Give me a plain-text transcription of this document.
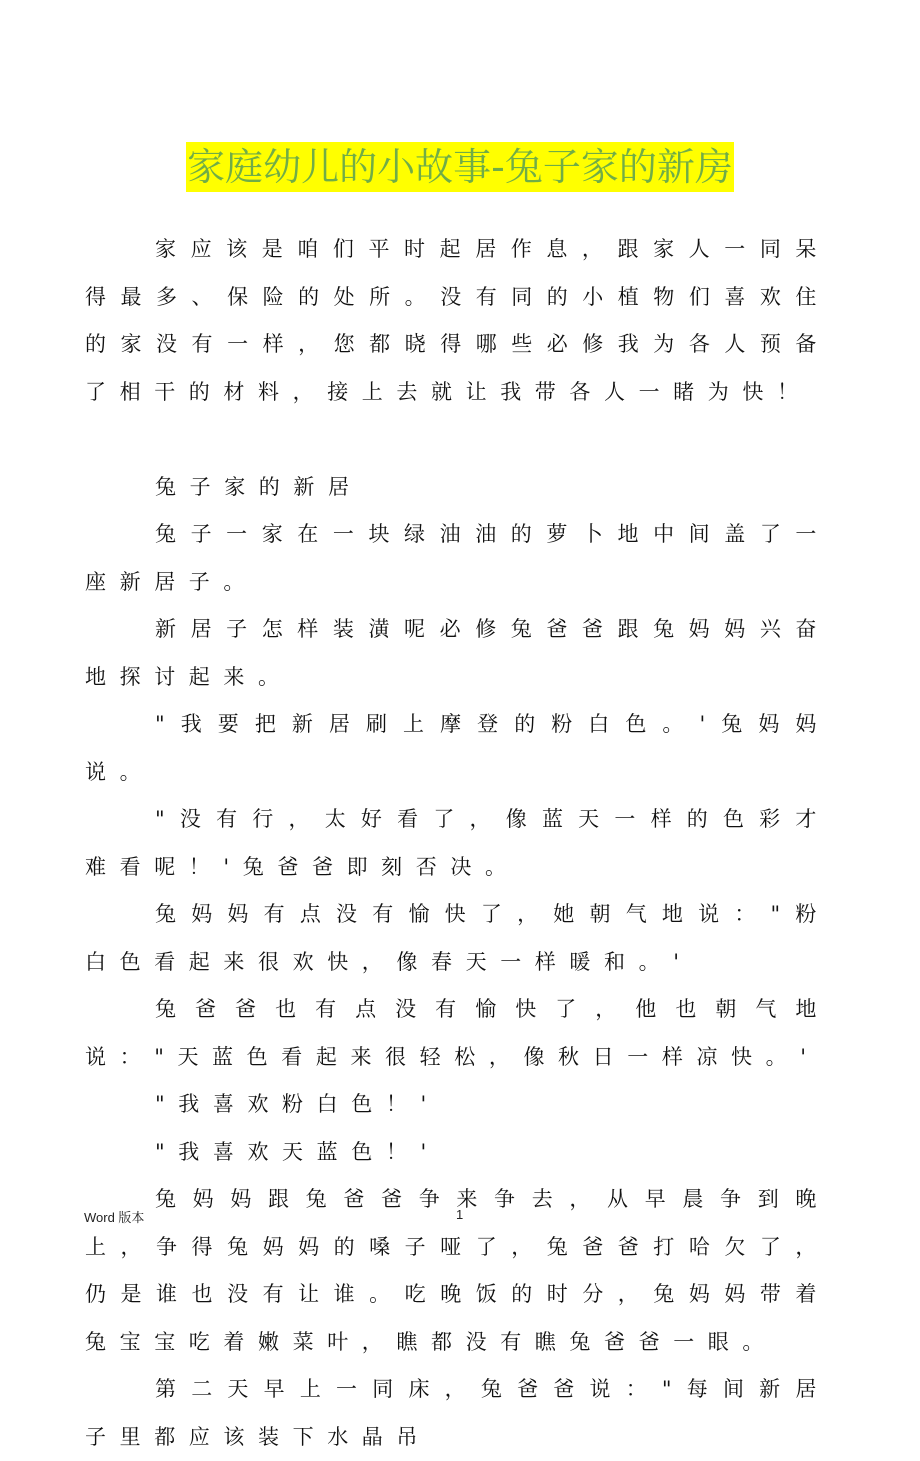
家庭幼儿的小故事-兔子家的新房

家应该是咱们平时起居作息，跟家人一同呆得最多、保险的处所。没有同的小植物们喜欢住的家没有一样，您都晓得哪些必修我为各人预备了相干的材料，接上去就让我带各人一睹为快！

兔子家的新居

兔子一家在一块绿油油的萝卜地中间盖了一座新居子。

新居子怎样装潢呢必修兔爸爸跟兔妈妈兴奋地探讨起来。

"我要把新居刷上摩登的粉白色。'兔妈妈说。

"没有行，太好看了，像蓝天一样的色彩才难看呢！'兔爸爸即刻否决。

兔妈妈有点没有愉快了，她朝气地说："粉白色看起来很欢快，像春天一样暖和。'

兔爸爸也有点没有愉快了，他也朝气地说："天蓝色看起来很轻松，像秋日一样凉快。'

"我喜欢粉白色！'

"我喜欢天蓝色！'

兔妈妈跟兔爸爸争来争去，从早晨争到晚上，争得兔妈妈的嗓子哑了，兔爸爸打哈欠了，仍是谁也没有让谁。吃晚饭的时分，兔妈妈带着兔宝宝吃着嫩菜叶，瞧都没有瞧兔爸爸一眼。

第二天早上一同床，兔爸爸说："每间新居子里都应该装下水晶吊

Word 版本	1
